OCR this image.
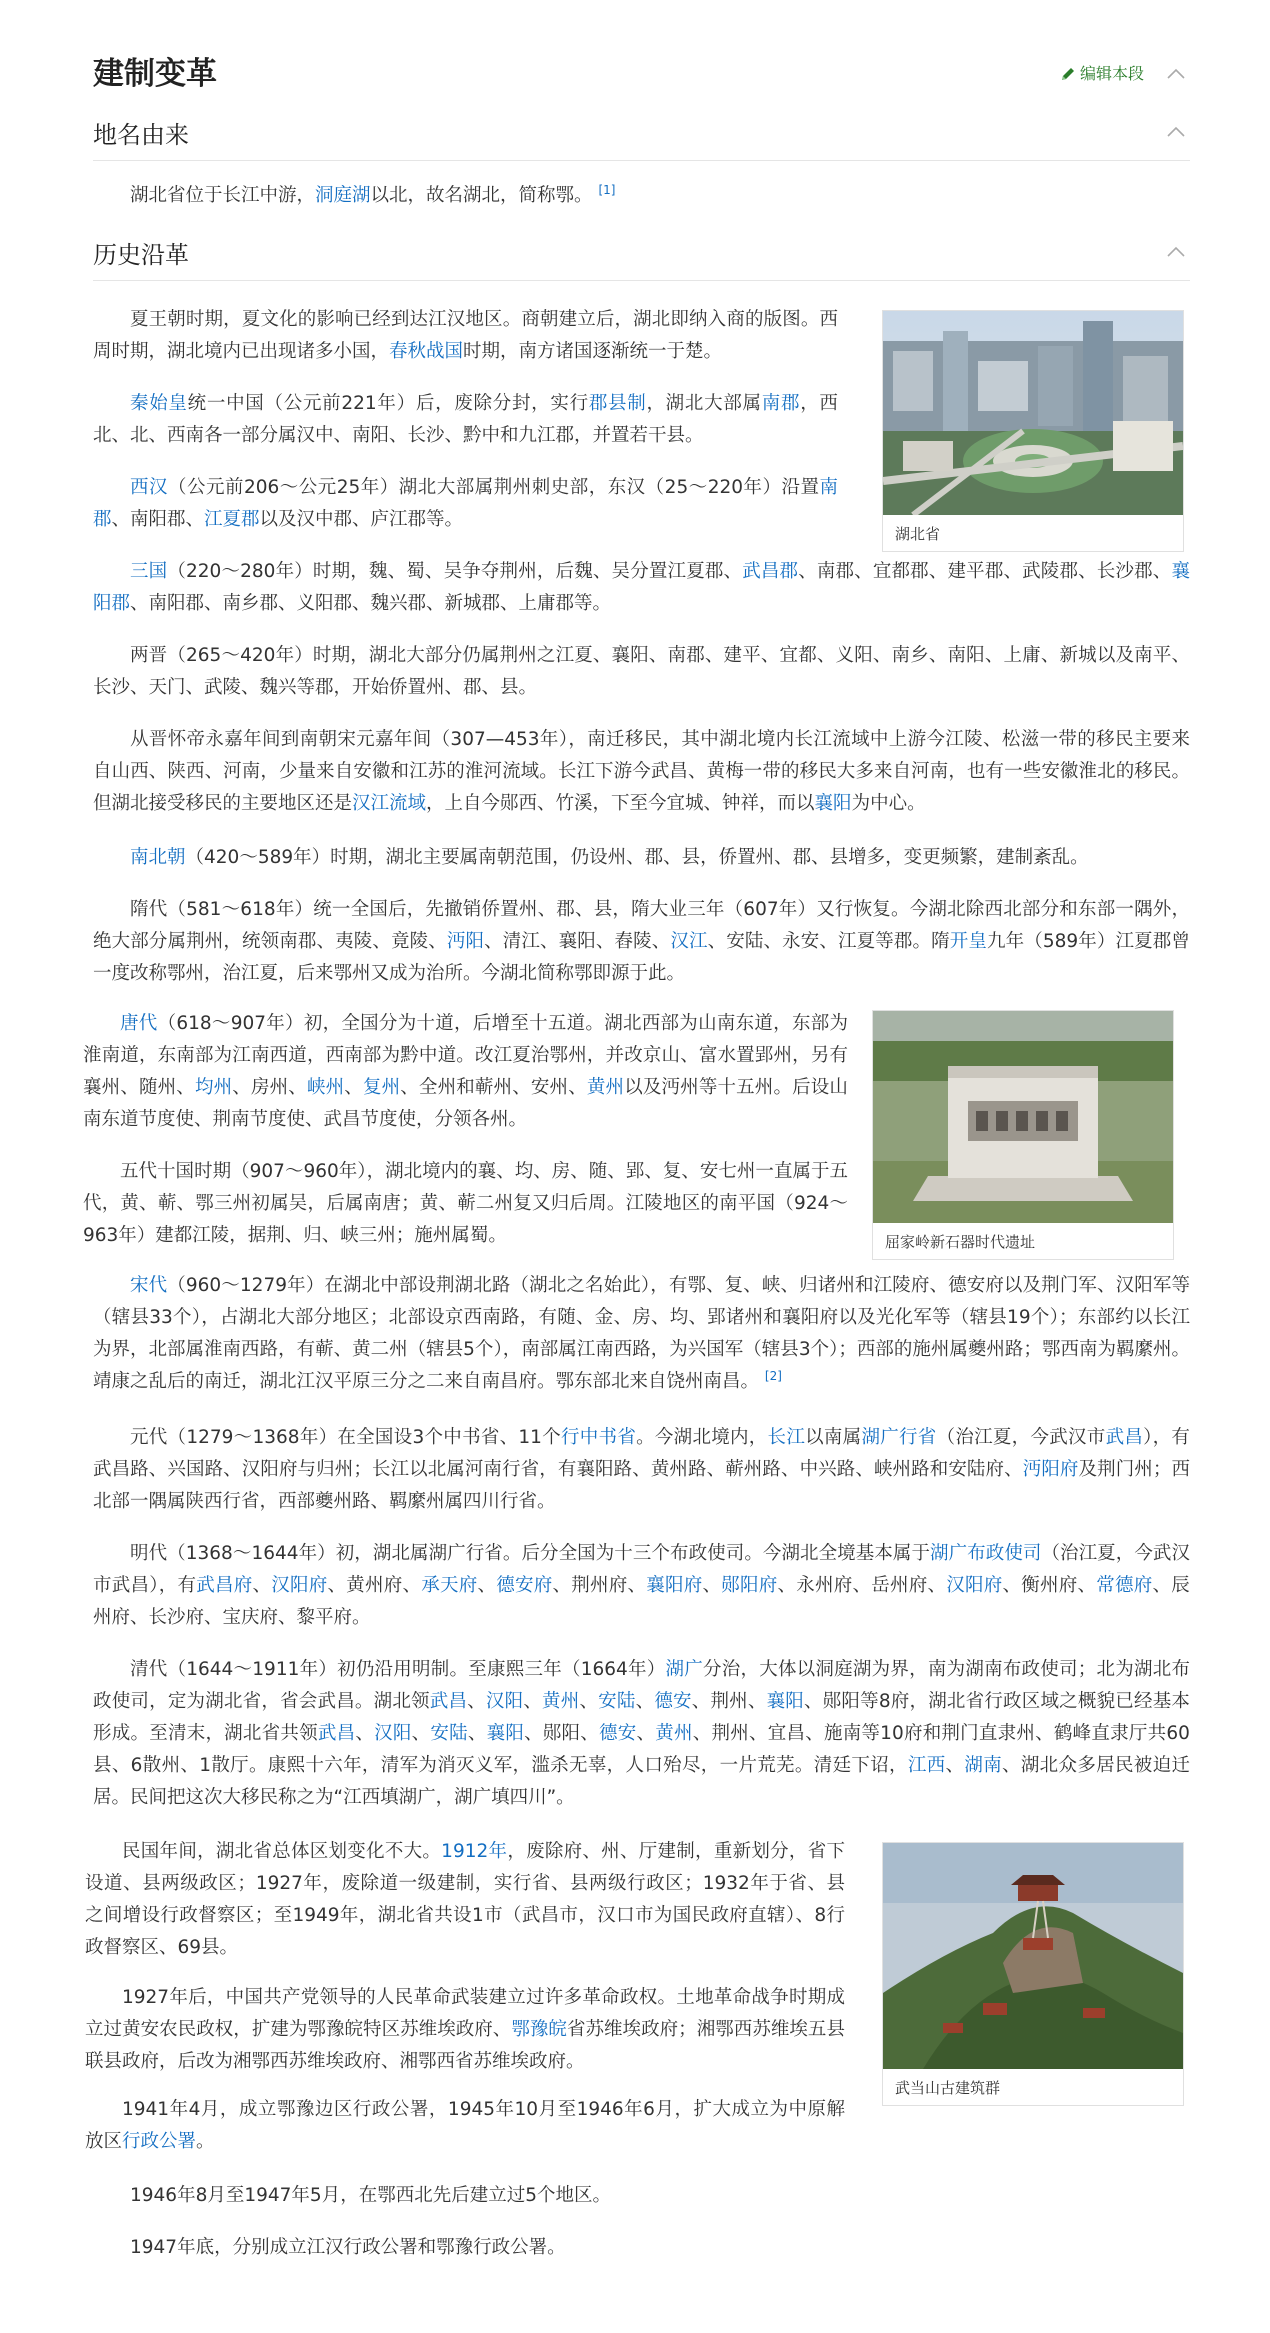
建制变革	编辑本段
地名由来

湖北省位于长江中游，洞庭湖以北，故名湖北，简称鄂。 [1]

历史沿革
湖北省

夏王朝时期，夏文化的影响已经到达江汉地区。商朝建立后，湖北即纳入商的版图。西周时期，湖北境内已出现诸多小国，春秋战国时期，南方诸国逐渐统一于楚。

秦始皇统一中国（公元前221年）后，废除分封，实行郡县制，湖北大部属南郡，西北、北、西南各一部分属汉中、南阳、长沙、黔中和九江郡，并置若干县。

西汉（公元前206～公元25年）湖北大部属荆州刺史部，东汉（25～220年）沿置南郡、南阳郡、江夏郡以及汉中郡、庐江郡等。

三国（220～280年）时期，魏、蜀、吴争夺荆州，后魏、吴分置江夏郡、武昌郡、南郡、宜都郡、建平郡、武陵郡、长沙郡、襄阳郡、南阳郡、南乡郡、义阳郡、魏兴郡、新城郡、上庸郡等。

两晋（265～420年）时期，湖北大部分仍属荆州之江夏、襄阳、南郡、建平、宜都、义阳、南乡、南阳、上庸、新城以及南平、长沙、天门、武陵、魏兴等郡，开始侨置州、郡、县。

从晋怀帝永嘉年间到南朝宋元嘉年间（307—453年），南迁移民，其中湖北境内长江流域中上游今江陵、松滋一带的移民主要来自山西、陕西、河南，少量来自安徽和江苏的淮河流域。长江下游今武昌、黄梅一带的移民大多来自河南，也有一些安徽淮北的移民。但湖北接受移民的主要地区还是汉江流域，上自今郧西、竹溪，下至今宜城、钟祥，而以襄阳为中心。

南北朝（420～589年）时期，湖北主要属南朝范围，仍设州、郡、县，侨置州、郡、县增多，变更频繁，建制紊乱。

隋代（581～618年）统一全国后，先撤销侨置州、郡、县，隋大业三年（607年）又行恢复。今湖北除西北部分和东部一隅外，绝大部分属荆州，统领南郡、夷陵、竟陵、沔阳、清江、襄阳、舂陵、汉江、安陆、永安、江夏等郡。隋开皇九年（589年）江夏郡曾一度改称鄂州，治江夏，后来鄂州又成为治所。今湖北简称鄂即源于此。

屈家岭新石器时代遗址

唐代（618～907年）初，全国分为十道，后增至十五道。湖北西部为山南东道，东部为淮南道，东南部为江南西道，西南部为黔中道。改江夏治鄂州，并改京山、富水置郢州，另有襄州、随州、均州、房州、峡州、复州、全州和蕲州、安州、黄州以及沔州等十五州。后设山南东道节度使、荆南节度使、武昌节度使，分领各州。

五代十国时期（907～960年），湖北境内的襄、均、房、随、郢、复、安七州一直属于五代，黄、蕲、鄂三州初属吴，后属南唐；黄、蕲二州复又归后周。江陵地区的南平国（924～963年）建都江陵，据荆、归、峡三州；施州属蜀。

宋代（960～1279年）在湖北中部设荆湖北路（湖北之名始此），有鄂、复、峡、归诸州和江陵府、德安府以及荆门军、汉阳军等（辖县33个），占湖北大部分地区；北部设京西南路，有随、金、房、均、郢诸州和襄阳府以及光化军等（辖县19个）；东部约以长江为界，北部属淮南西路，有蕲、黄二州（辖县5个），南部属江南西路，为兴国军（辖县3个）；西部的施州属夔州路；鄂西南为羁縻州。靖康之乱后的南迁，湖北江汉平原三分之二来自南昌府。鄂东部北来自饶州南昌。 [2]

元代（1279～1368年）在全国设3个中书省、11个行中书省。今湖北境内，长江以南属湖广行省（治江夏，今武汉市武昌），有武昌路、兴国路、汉阳府与归州；长江以北属河南行省，有襄阳路、黄州路、蕲州路、中兴路、峡州路和安陆府、沔阳府及荆门州；西北部一隅属陕西行省，西部夔州路、羁縻州属四川行省。

明代（1368～1644年）初，湖北属湖广行省。后分全国为十三个布政使司。今湖北全境基本属于湖广布政使司（治江夏，今武汉市武昌），有武昌府、汉阳府、黄州府、承天府、德安府、荆州府、襄阳府、郧阳府、永州府、岳州府、汉阳府、衡州府、常德府、辰州府、长沙府、宝庆府、黎平府。

清代（1644～1911年）初仍沿用明制。至康熙三年（1664年）湖广分治，大体以洞庭湖为界，南为湖南布政使司；北为湖北布政使司，定为湖北省，省会武昌。湖北领武昌、汉阳、黄州、安陆、德安、荆州、襄阳、郧阳等8府，湖北省行政区域之概貌已经基本形成。至清末，湖北省共领武昌、汉阳、安陆、襄阳、郧阳、德安、黄州、荆州、宜昌、施南等10府和荆门直隶州、鹤峰直隶厅共60县、6散州、1散厅。康熙十六年，清军为消灭义军，滥杀无辜，人口殆尽，一片荒芜。清廷下诏，江西、湖南、湖北众多居民被迫迁居。民间把这次大移民称之为“江西填湖广，湖广填四川”。

武当山古建筑群

民国年间，湖北省总体区划变化不大。1912年，废除府、州、厅建制，重新划分，省下设道、县两级政区；1927年，废除道一级建制，实行省、县两级行政区；1932年于省、县之间增设行政督察区；至1949年，湖北省共设1市（武昌市，汉口市为国民政府直辖）、8行政督察区、69县。

1927年后，中国共产党领导的人民革命武装建立过许多革命政权。土地革命战争时期成立过黄安农民政权，扩建为鄂豫皖特区苏维埃政府、鄂豫皖省苏维埃政府；湘鄂西苏维埃五县联县政府，后改为湘鄂西苏维埃政府、湘鄂西省苏维埃政府。

1941年4月，成立鄂豫边区行政公署，1945年10月至1946年6月，扩大成立为中原解放区行政公署。

1946年8月至1947年5月，在鄂西北先后建立过5个地区。

1947年底，分别成立江汉行政公署和鄂豫行政公署。
